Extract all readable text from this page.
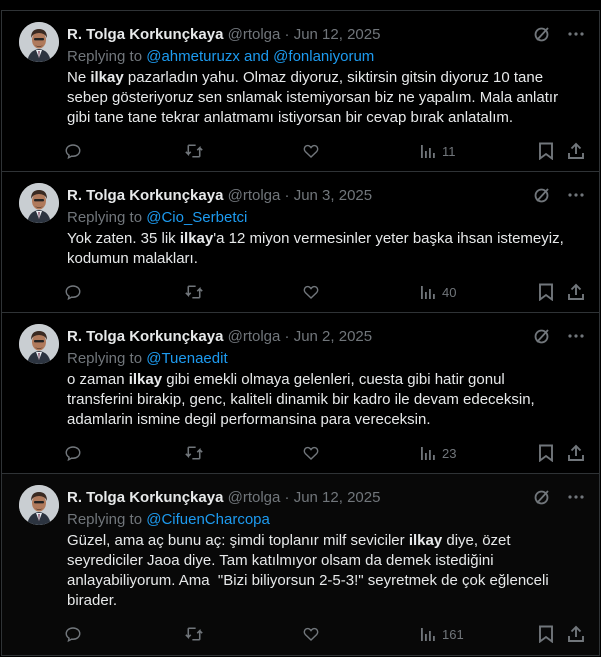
R. Tolga Korkunçkaya @rtolga · Jun 12, 2025
Replying to @ahmeturuzx and @fonlaniyorum
Ne ilkay pazarladın yahu. Olmaz diyoruz, siktirsin gitsin diyoruz 10 tane
sebep gösteriyoruz sen snlamak istemiyorsan biz ne yapalım. Mala anlatır
gibi tane tane tekrar anlatmamı istiyorsan bir cevap bırak anlatalım.
11
R. Tolga Korkunçkaya @rtolga · Jun 3, 2025
Replying to @Cio_Serbetci
Yok zaten. 35 lik ilkay'a 12 miyon vermesinler yeter başka ihsan istemeyiz,
kodumun malakları.
40
R. Tolga Korkunçkaya @rtolga · Jun 2, 2025
Replying to @Tuenaedit
o zaman ilkay gibi emekli olmaya gelenleri, cuesta gibi hatir gonul
transferini birakip, genc, kaliteli dinamik bir kadro ile devam edeceksin,
adamlarin ismine degil performansina para vereceksin.
23
R. Tolga Korkunçkaya @rtolga · Jun 12, 2025
Replying to @CifuenCharcopa
Güzel, ama aç bunu aç: şimdi toplanır milf seviciler ilkay diye, özet
seyrediciler Jaoa diye. Tam katılmıyor olsam da demek istediğini
anlayabiliyorum. Ama  "Bizi biliyorsun 2-5-3!" seyretmek de çok eğlenceli
birader.
161
